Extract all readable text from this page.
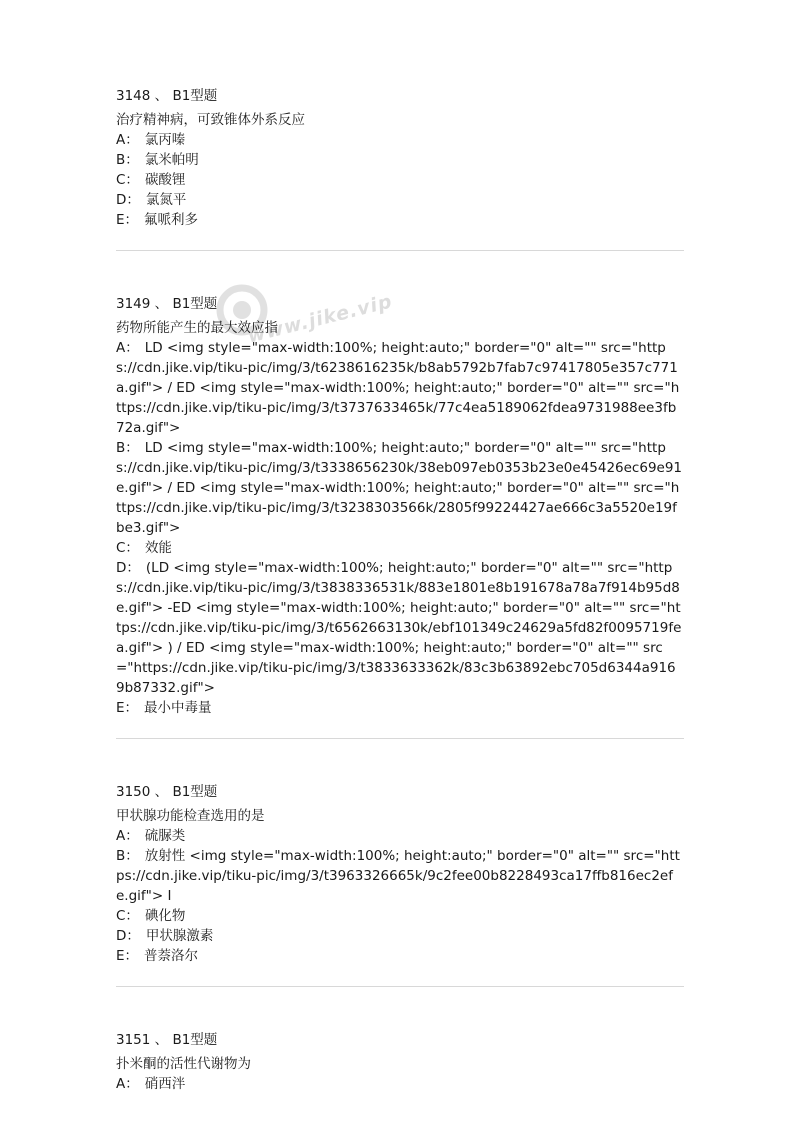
www.jike.vip
3148 、 B1型题
治疗精神病，可致锥体外系反应
A： 氯丙嗪
B： 氯米帕明
C： 碳酸锂
D： 氯氮平
E： 氟哌利多
3149 、 B1型题
药物所能产生的最大效应指
A： LD <img style="max-width:100%; height:auto;" border="0" alt="" src="https://cdn.jike.vip/tiku-pic/img/3/t6238616235k/b8ab5792b7fab7c97417805e357c771a.gif"> / ED <img style="max-width:100%; height:auto;" border="0" alt="" src="https://cdn.jike.vip/tiku-pic/img/3/t3737633465k/77c4ea5189062fdea9731988ee3fb72a.gif">
B： LD <img style="max-width:100%; height:auto;" border="0" alt="" src="https://cdn.jike.vip/tiku-pic/img/3/t3338656230k/38eb097eb0353b23e0e45426ec69e91e.gif"> / ED <img style="max-width:100%; height:auto;" border="0" alt="" src="https://cdn.jike.vip/tiku-pic/img/3/t3238303566k/2805f99224427ae666c3a5520e19fbe3.gif">
C： 效能
D： (LD <img style="max-width:100%; height:auto;" border="0" alt="" src="https://cdn.jike.vip/tiku-pic/img/3/t3838336531k/883e1801e8b191678a78a7f914b95d8e.gif"> -ED <img style="max-width:100%; height:auto;" border="0" alt="" src="https://cdn.jike.vip/tiku-pic/img/3/t6562663130k/ebf101349c24629a5fd82f0095719fea.gif"> ) / ED <img style="max-width:100%; height:auto;" border="0" alt="" src="https://cdn.jike.vip/tiku-pic/img/3/t3833633362k/83c3b63892ebc705d6344a9169b87332.gif">
E： 最小中毒量
3150 、 B1型题
甲状腺功能检查选用的是
A： 硫脲类
B： 放射性 <img style="max-width:100%; height:auto;" border="0" alt="" src="https://cdn.jike.vip/tiku-pic/img/3/t3963326665k/9c2fee00b8228493ca17ffb816ec2efe.gif"> I
C： 碘化物
D： 甲状腺激素
E： 普萘洛尔
3151 、 B1型题
扑米酮的活性代谢物为
A： 硝西泮
